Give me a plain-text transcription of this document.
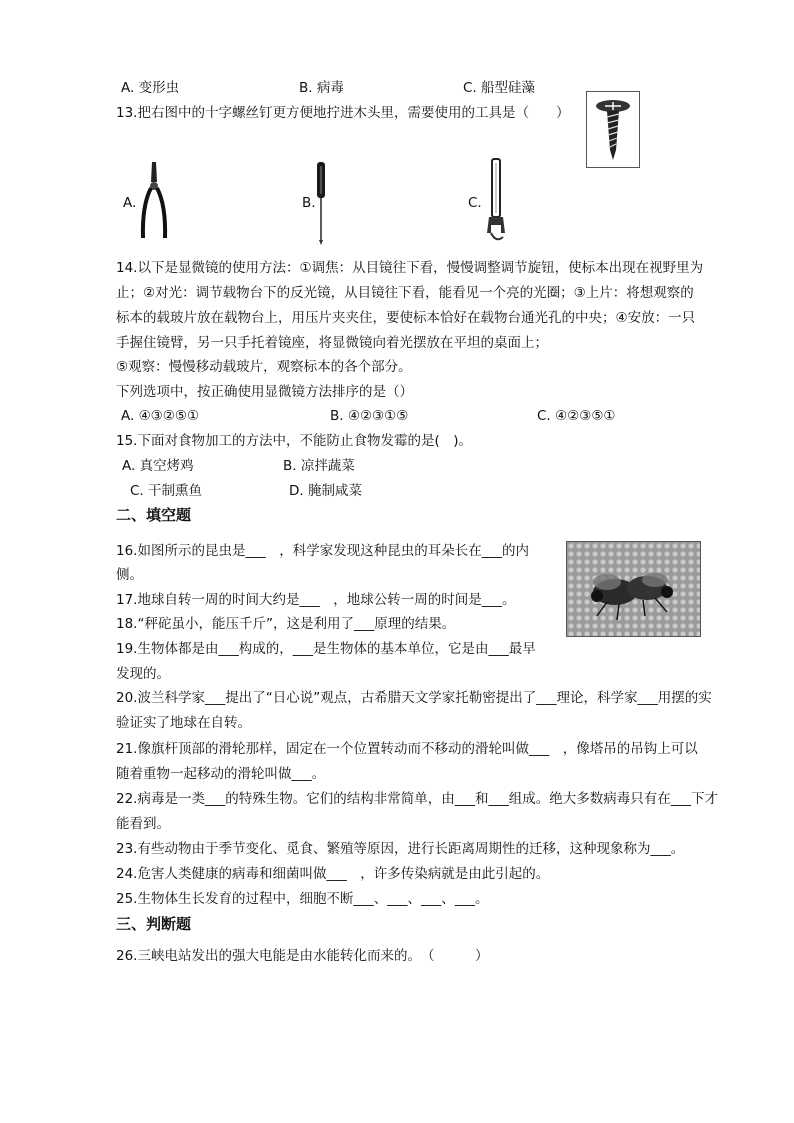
A. 变形虫	B. 病毒	C. 船型硅藻
13.把右图中的十字螺丝钉更方便地拧进木头里，需要使用的工具是（　　）
A.	B.	C.
14.以下是显微镜的使用方法：①调焦：从目镜往下看，慢慢调整调节旋钮，使标本出现在视野里为
止；②对光：调节载物台下的反光镜，从目镜往下看，能看见一个亮的光圈；③上片：将想观察的
标本的载玻片放在载物台上，用压片夹夹住，要使标本恰好在载物台通光孔的中央；④安放：一只
手握住镜臂，另一只手托着镜座，将显微镜向着光摆放在平坦的桌面上；
⑤观察：慢慢移动载玻片，观察标本的各个部分。
下列选项中，按正确使用显微镜方法排序的是（）
A. ④③②⑤①	B. ④②③①⑤	C. ④②③⑤①
15.下面对食物加工的方法中，不能防止食物发霉的是(　)。
A. 真空烤鸡	B. 凉拌蔬菜
C. 干制熏鱼	D. 腌制咸菜
二、填空题
16.如图所示的昆虫是___　，科学家发现这种昆虫的耳朵长在___的内
侧。
17.地球自转一周的时间大约是___　，地球公转一周的时间是___。
18.“秤砣虽小，能压千斤”，这是利用了___原理的结果。
19.生物体都是由___构成的，___是生物体的基本单位，它是由___最早
发现的。
20.波兰科学家___提出了“日心说”观点，古希腊天文学家托勒密提出了___理论，科学家___用摆的实
验证实了地球在自转。
21.像旗杆顶部的滑轮那样，固定在一个位置转动而不移动的滑轮叫做___　，像塔吊的吊钩上可以
随着重物一起移动的滑轮叫做___。
22.病毒是一类___的特殊生物。它们的结构非常简单，由___和___组成。绝大多数病毒只有在___下才
能看到。
23.有些动物由于季节变化、觅食、繁殖等原因，进行长距离周期性的迁移，这种现象称为___。
24.危害人类健康的病毒和细菌叫做___　，许多传染病就是由此引起的。
25.生物体生长发育的过程中，细胞不断___、___、___、___。
三、判断题
26.三峡电站发出的强大电能是由水能转化而来的。　（　　　）
